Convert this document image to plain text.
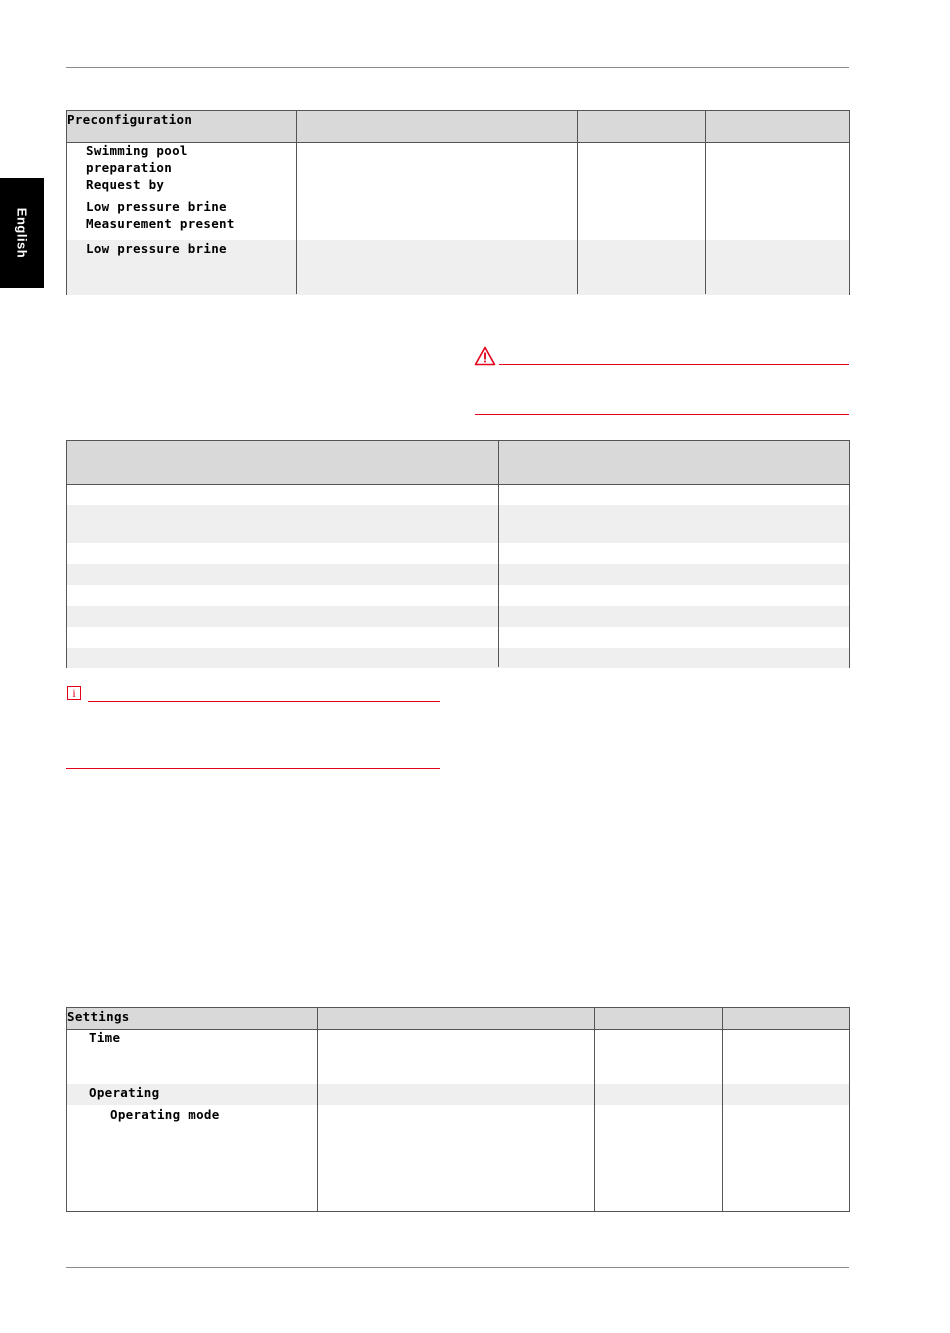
English
Preconfiguration
Swimming pool
preparation
Request by
Low pressure brine
Measurement present
Low pressure brine
i
Settings
Time
Operating
Operating mode
